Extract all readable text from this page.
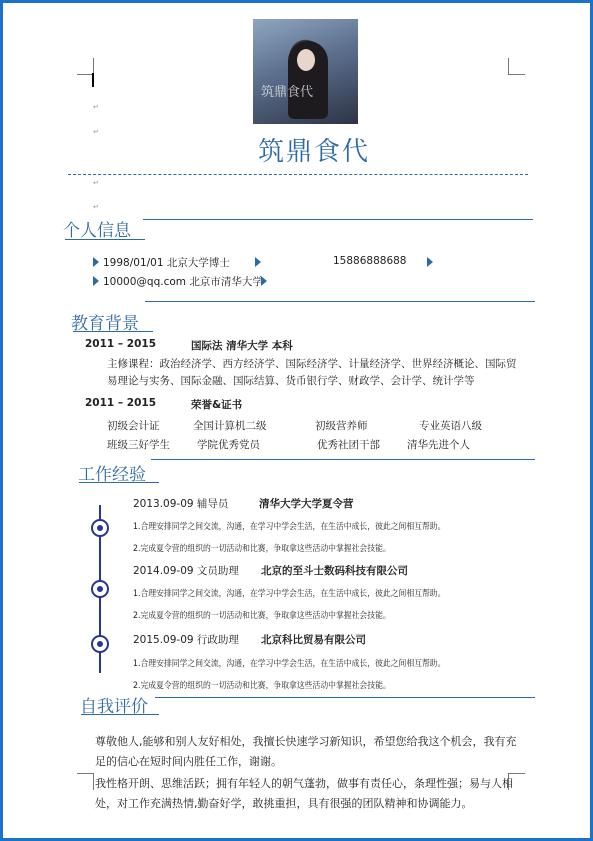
↵
↵
↵
↵
筑鼎食代
筑鼎食代
个人信息
1998/01/01 北京大学博士	15886888688
10000@qq.com 北京市清华大学
教育背景
2011 – 2015	国际法 清华大学 本科
主修课程：政治经济学、西方经济学、国际经济学、计量经济学、世界经济概论、国际贸
易理论与实务、国际金融、国际结算、货币银行学、财政学、会计学、统计学等
2011 – 2015	荣誉&证书
初级会计证	全国计算机二级	初级营养师	专业英语八级
班级三好学生	学院优秀党员	优秀社团干部	清华先进个人
工作经验
2013.09-09 辅导员	清华大学大学夏令营
1.合理安排同学之间交流，沟通，在学习中学会生活，在生活中成长，彼此之间相互帮助。
2.完成夏令营的组织的一切活动和比赛，争取拿这些活动中掌握社会技能。
2014.09-09 文员助理 北京的至斗士数码科技有限公司
1.合理安排同学之间交流，沟通，在学习中学会生活，在生活中成长，彼此之间相互帮助。
2.完成夏令营的组织的一切活动和比赛，争取拿这些活动中掌握社会技能。
2015.09-09 行政助理 北京科比贸易有限公司
1.合理安排同学之间交流，沟通，在学习中学会生活，在生活中成长，彼此之间相互帮助。
2.完成夏令营的组织的一切活动和比赛，争取拿这些活动中掌握社会技能。
自我评价
尊敬他人,能够和别人友好相处，我擅长快速学习新知识，希望您给我这个机会，我有充
足的信心在短时间内胜任工作，谢谢。
我性格开朗、思维活跃；拥有年轻人的朝气蓬勃，做事有责任心，条理性强；易与人相
处，对工作充满热情,勤奋好学，敢挑重担，具有很强的团队精神和协调能力。
